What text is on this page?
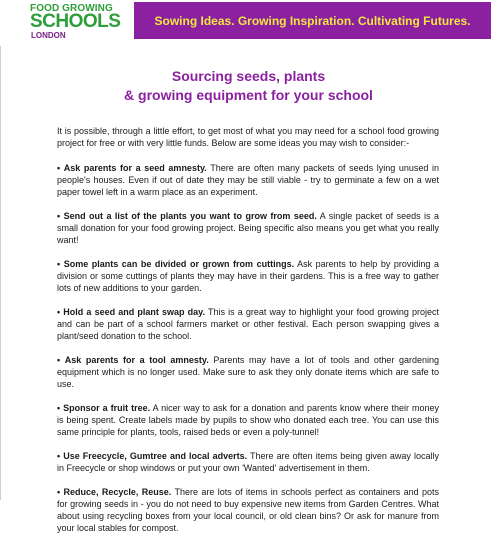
FOOD GROWING
SCHOOLS
LONDON
Sowing Ideas. Growing Inspiration. Cultivating Futures.
Sourcing seeds, plants
& growing equipment for your school

It is possible, through a little effort, to get most of what you may need for a school food growing project for free or with very little funds. Below are some ideas you may wish to consider:-

• Ask parents for a seed amnesty. There are often many packets of seeds lying unused in people's houses. Even if out of date they may be still viable - try to germinate a few on a wet paper towel left in a warm place as an experiment.

• Send out a list of the plants you want to grow from seed. A single packet of seeds is a small donation for your food growing project. Being specific also means you get what you really want!

• Some plants can be divided or grown from cuttings. Ask parents to help by providing a division or some cuttings of plants they may have in their gardens. This is a free way to gather lots of new additions to your garden.

• Hold a seed and plant swap day. This is a great way to highlight your food growing project and can be part of a school farmers market or other festival. Each person swapping gives a plant/seed donation to the school.

• Ask parents for a tool amnesty. Parents may have a lot of tools and other gardening equipment which is no longer used. Make sure to ask they only donate items which are safe to use.

• Sponsor a fruit tree. A nicer way to ask for a donation and parents know where their money is being spent. Create labels made by pupils to show who donated each tree. You can use this same principle for plants, tools, raised beds or even a poly-tunnel!

• Use Freecycle, Gumtree and local adverts. There are often items being given away locally in Freecycle or shop windows or put your own 'Wanted' advertisement in them.

• Reduce, Recycle, Reuse. There are lots of items in schools perfect as containers and pots for growing seeds in - you do not need to buy expensive new items from Garden Centres. What about using recycling boxes from your local council, or old clean bins? Or ask for manure from your local stables for compost.
